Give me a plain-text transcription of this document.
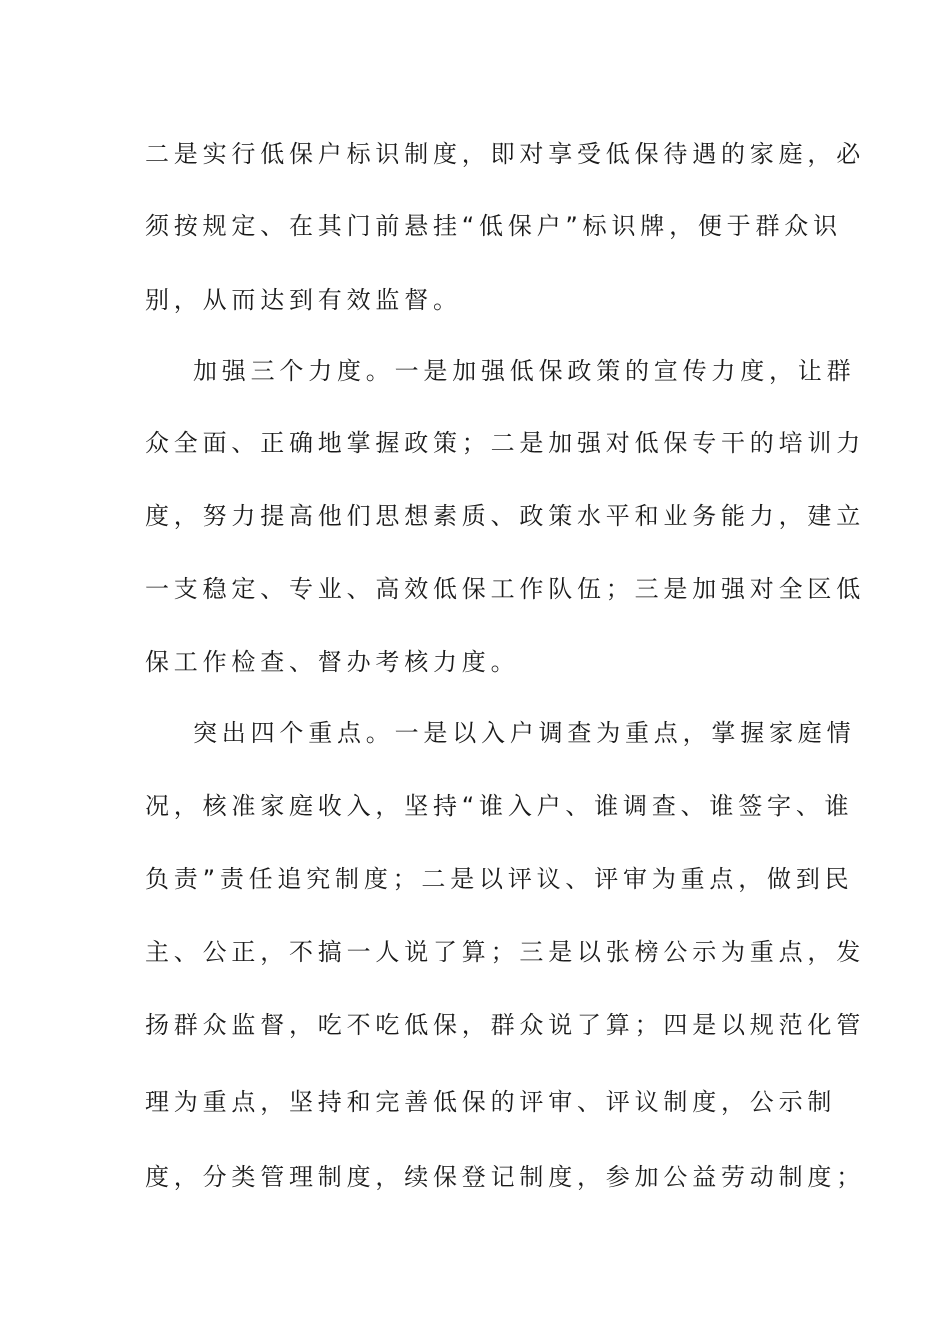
二是实行低保户标识制度，即对享受低保待遇的家庭，必
须按规定、在其门前悬挂“低保户”标识牌，便于群众识
别，从而达到有效监督。
加强三个力度。一是加强低保政策的宣传力度，让群
众全面、正确地掌握政策；二是加强对低保专干的培训力
度，努力提高他们思想素质、政策水平和业务能力，建立
一支稳定、专业、高效低保工作队伍；三是加强对全区低
保工作检查、督办考核力度。
突出四个重点。一是以入户调查为重点，掌握家庭情
况，核准家庭收入，坚持“谁入户、谁调查、谁签字、谁
负责”责任追究制度；二是以评议、评审为重点，做到民
主、公正，不搞一人说了算；三是以张榜公示为重点，发
扬群众监督，吃不吃低保，群众说了算；四是以规范化管
理为重点，坚持和完善低保的评审、评议制度，公示制
度，分类管理制度，续保登记制度，参加公益劳动制度；
